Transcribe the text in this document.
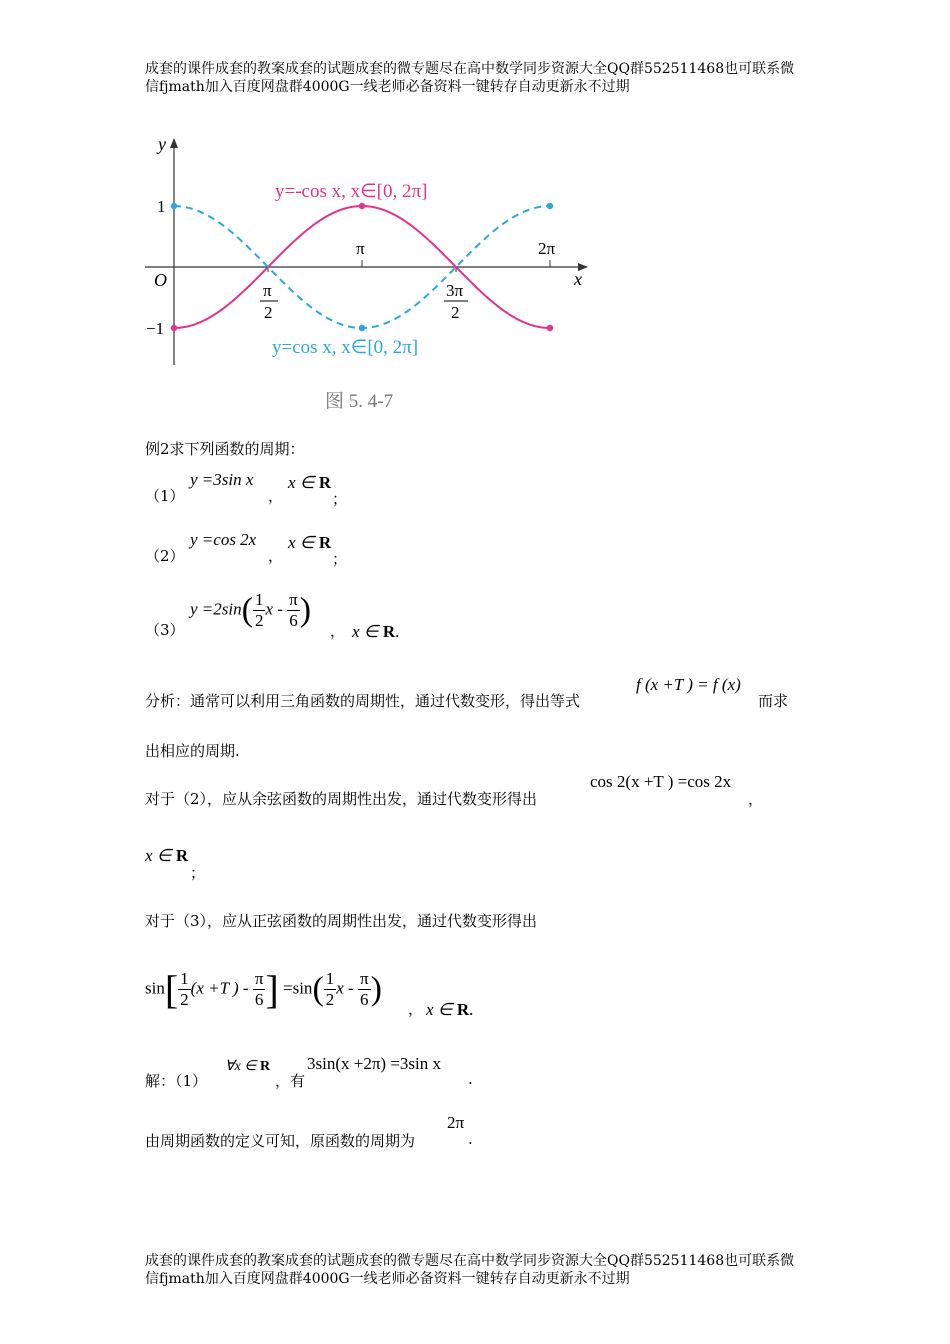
成套的课件成套的教案成套的试题成套的微专题尽在高中数学同步资源大全QQ群552511468也可联系微
信fjmath加入百度网盘群4000G一线老师必备资料一键转存自动更新永不过期
y
x
O
1
−1
π	2π
π
2
3π
2
y=-cos x, x∈[0, 2π]
y=cos x, x∈[0, 2π]
图 5. 4-7
例2求下列函数的周期：
（1）
y =3sin x
，
x ∈ R
；
（2）
y =cos 2x
，
x ∈ R
；
（3）
$y =2\sin( \frac{1}{2}$ x - $\frac{\pi}{6}$ )
， x ∈ R.
分析：通常可以利用三角函数的周期性，通过代数变形，得出等式
f (x +T ) = f (x)
而求
出相应的周期.
对于（2），应从余弦函数的周期性出发，通过代数变形得出
cos 2(x +T ) =cos 2x
，
x ∈ R
；
对于（3），应从正弦函数的周期性出发，通过代数变形得出
$\sin[ \frac{1}{2} (x +T$ ) - $\frac{\pi}{6}$ ] $=\sin( \frac{1}{2}$ x - $\frac{\pi}{6}$ )
， x ∈ R.
解：（1）
∀x ∈ R
，有
3sin(x +2π) =3sin x
.
由周期函数的定义可知，原函数的周期为
2π
.
成套的课件成套的教案成套的试题成套的微专题尽在高中数学同步资源大全QQ群552511468也可联系微
信fjmath加入百度网盘群4000G一线老师必备资料一键转存自动更新永不过期
